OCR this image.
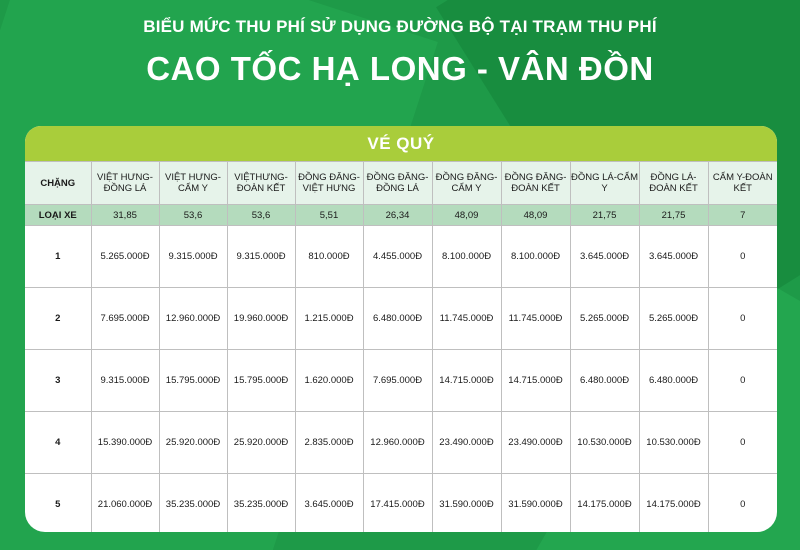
BIỂU MỨC THU PHÍ SỬ DỤNG ĐƯỜNG BỘ TẠI TRẠM THU PHÍ
CAO TỐC HẠ LONG - VÂN ĐỒN
VÉ QUÝ
CHẶNG	VIỆT HƯNG-ĐỒNG LÁ	VIỆT HƯNG-CẨM Y	VIỆTHƯNG-ĐOÀN KẾT	ĐỒNG ĐĂNG-VIỆT HƯNG	ĐỒNG ĐĂNG-ĐỒNG LÁ	ĐỒNG ĐĂNG-CẨM Y	ĐỒNG ĐĂNG-ĐOÀN KẾT	ĐỒNG LÁ-CẨM Y	ĐỒNG LÁ-ĐOÀN KẾT	CẨM Y-ĐOÀN KẾT
LOẠI XE	31,85	53,6	53,6	5,51	26,34	48,09	48,09	21,75	21,75	7
1	5.265.000Đ	9.315.000Đ	9.315.000Đ	810.000Đ	4.455.000Đ	8.100.000Đ	8.100.000Đ	3.645.000Đ	3.645.000Đ	0
2	7.695.000Đ	12.960.000Đ	19.960.000Đ	1.215.000Đ	6.480.000Đ	11.745.000Đ	11.745.000Đ	5.265.000Đ	5.265.000Đ	0
3	9.315.000Đ	15.795.000Đ	15.795.000Đ	1.620.000Đ	7.695.000Đ	14.715.000Đ	14.715.000Đ	6.480.000Đ	6.480.000Đ	0
4	15.390.000Đ	25.920.000Đ	25.920.000Đ	2.835.000Đ	12.960.000Đ	23.490.000Đ	23.490.000Đ	10.530.000Đ	10.530.000Đ	0
5	21.060.000Đ	35.235.000Đ	35.235.000Đ	3.645.000Đ	17.415.000Đ	31.590.000Đ	31.590.000Đ	14.175.000Đ	14.175.000Đ	0
